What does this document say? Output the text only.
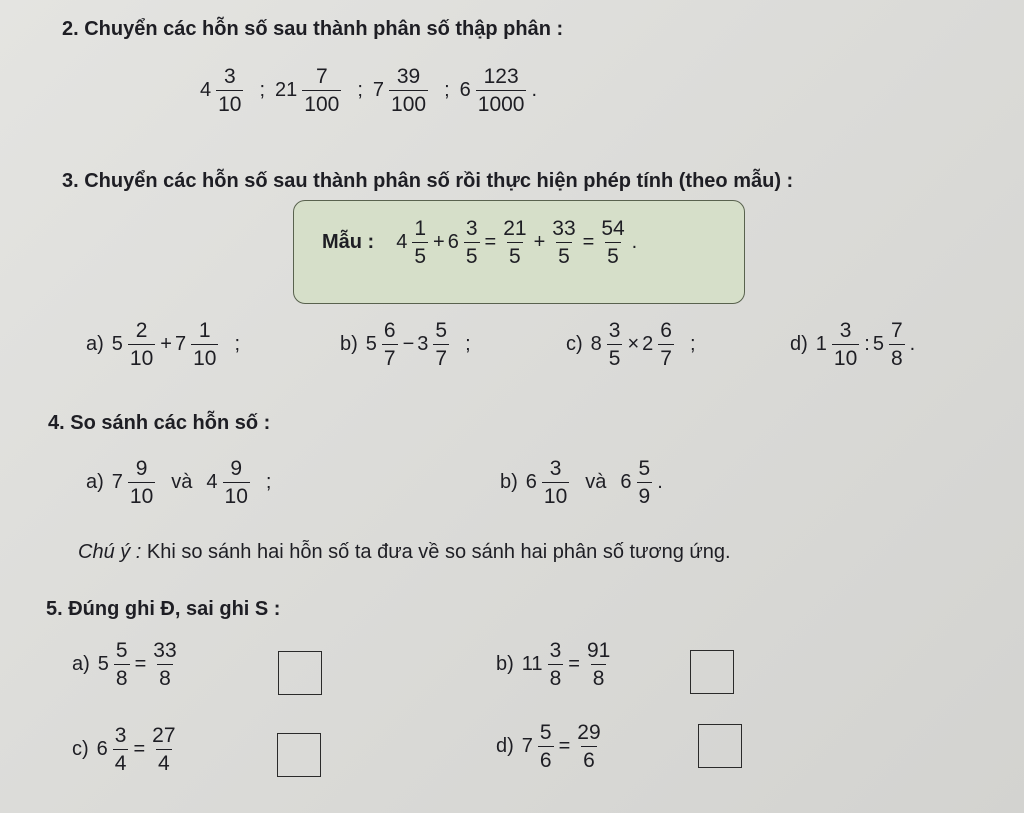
2. Chuyển các hỗn số sau thành phân số thập phân :
$4 \frac{3}{10}$ ; $21 \frac{7}{100}$ ; $7 \frac{39}{100}$ ; $6 \frac{123}{1000}$ .
3. Chuyển các hỗn số sau thành phân số rồi thực hiện phép tính (theo mẫu) :
Mẫu : $4 \frac{1}{5} + 6 \frac{3}{5} = \frac{21}{5} + \frac{33}{5} = \frac{54}{5}$ .
a) $5 \frac{2}{10} + 7 \frac{1}{10}$ ;	b) $5 \frac{6}{7} - 3 \frac{5}{7}$ ;	c) $8 \frac{3}{5} \times 2 \frac{6}{7}$ ;	d) $1 \frac{3}{10}$ : $5 \frac{7}{8}$ .
4. So sánh các hỗn số :
a) $7 \frac{9}{10}$ và $4 \frac{9}{10}$ ;	b) $6 \frac{3}{10}$ và $6 \frac{5}{9}$ .
Chú ý : Khi so sánh hai hỗn số ta đưa về so sánh hai phân số tương ứng.
5. Đúng ghi Đ, sai ghi S :
a) $5 \frac{5}{8} = \frac{33}{8}$	b) $11 \frac{3}{8} = \frac{91}{8}$
c) $6 \frac{3}{4} = \frac{27}{4}$	d) $7 \frac{5}{6} = \frac{29}{6}$
